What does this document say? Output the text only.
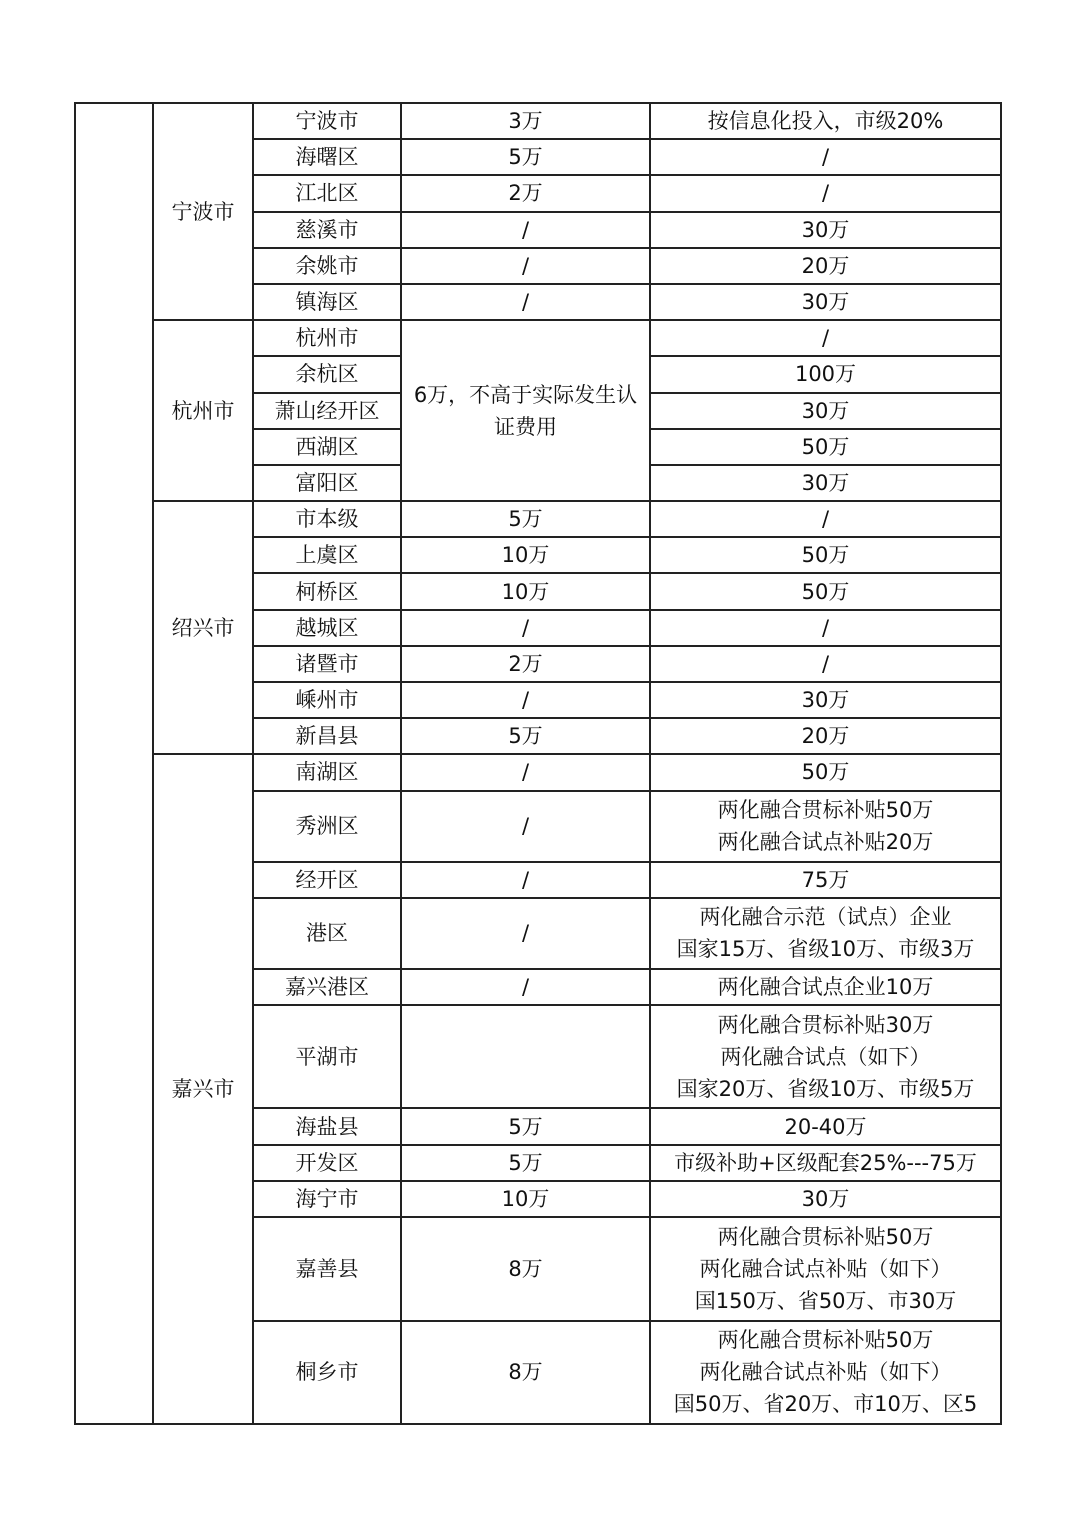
	宁波市	宁波市	3万	按信息化投入，市级20%

		海曙区	5万	/

		江北区	2万	/

		慈溪市	/	30万

		余姚市	/	20万

		镇海区	/	30万

	杭州市	杭州市	6万，不高于实际发生认证费用	/

		余杭区		100万

		萧山经开区		30万

		西湖区		50万

		富阳区		30万

	绍兴市	市本级	5万	/

		上虞区	10万	50万

		柯桥区	10万	50万

		越城区	/	/

		诸暨市	2万	/

		嵊州市	/	30万

		新昌县	5万	20万

	嘉兴市	南湖区	/	50万

		秀洲区	/	两化融合贯标补贴50万
两化融合试点补贴20万

		经开区	/	75万

		港区	/	两化融合示范（试点）企业
国家15万、省级10万、市级3万

		嘉兴港区	/	两化融合试点企业10万

		平湖市		两化融合贯标补贴30万
两化融合试点（如下）
国家20万、省级10万、市级5万

		海盐县	5万	20-40万

		开发区	5万	市级补助+区级配套25%---75万

		海宁市	10万	30万

		嘉善县	8万	两化融合贯标补贴50万
两化融合试点补贴（如下）
国150万、省50万、市30万

		桐乡市	8万	两化融合贯标补贴50万
两化融合试点补贴（如下）
国50万、省20万、市10万、区5
